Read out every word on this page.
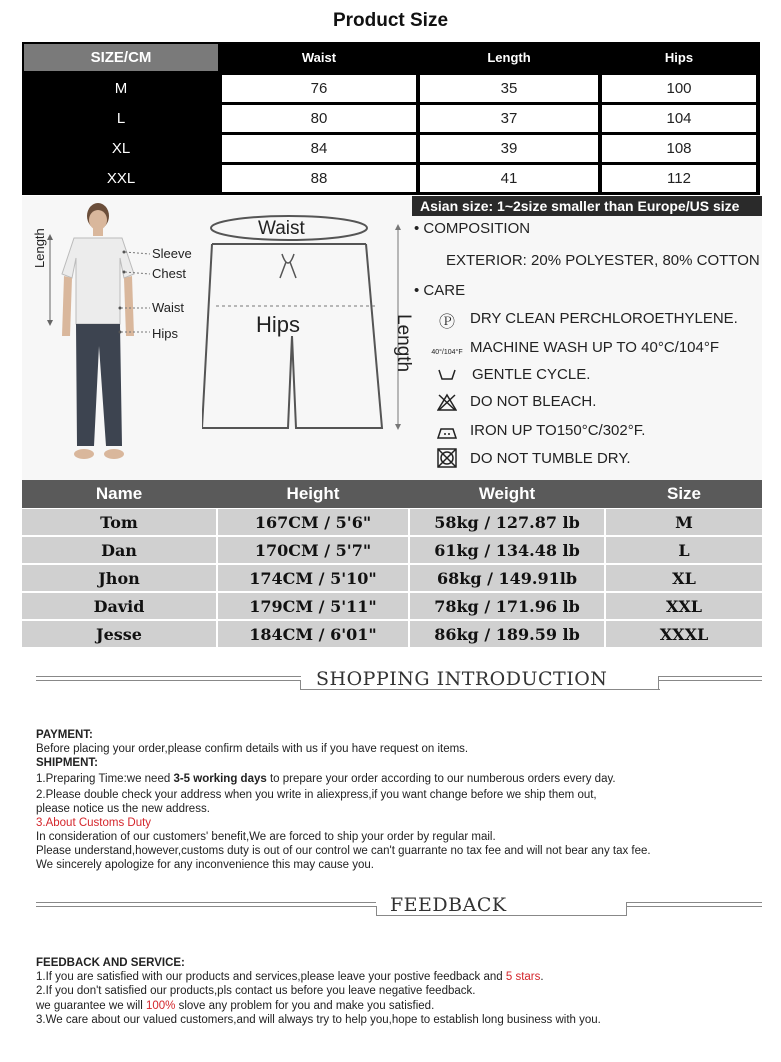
Product Size
SIZE/CM	Waist	Length	Hips
M	76	35	100
L	80	37	104
XL	84	39	108
XXL	88	41	112
Asian size: 1~2size smaller than Europe/US size
Length	Sleeve
Chest
Waist
Hips
Waist
Hips	Length
• COMPOSITION
EXTERIOR: 20% POLYESTER, 80% COTTON
• CARE
Ⓟ DRY CLEAN PERCHLOROETHYLENE.
40°/104°F MACHINE WASH UP TO 40°C/104°F
GENTLE CYCLE.
DO NOT BLEACH.
IRON UP TO150°C/302°F.
DO NOT TUMBLE DRY.
Name	Height	Weight	Size
Tom	167CM / 5'6"	58kg / 127.87 lb	M
Dan	170CM / 5'7"	61kg / 134.48 lb	L
Jhon	174CM / 5'10"	68kg / 149.91lb	XL
David	179CM / 5'11"	78kg / 171.96 lb	XXL
Jesse	184CM / 6'01"	86kg / 189.59 lb	XXXL
SHOPPING INTRODUCTION
PAYMENT:
Before placing your order,please confirm details with us if you have request on items.
SHIPMENT:
1.Preparing Time:we need 3-5 working days to prepare your order according to our numberous orders every day.
2.Please double check your address when you write in aliexpress,if you want change before we ship them out,
please notice us the new address.
3.About Customs Duty
In consideration of our customers' benefit,We are forced to ship your order by regular mail.
Please understand,however,customs duty is out of our control we can't guarrante no tax fee and will not bear any tax fee.
We sincerely apologize for any inconvenience this may cause you.
FEEDBACK
FEEDBACK AND SERVICE:
1.If you are satisfied with our products and services,please leave your postive feedback and 5 stars.
2.If you don't satisfied our products,pls contact us before you leave negative feedback.
we guarantee we will 100% slove any problem for you and make you satisfied.
3.We care about our valued customers,and will always try to help you,hope to establish long business with you.
